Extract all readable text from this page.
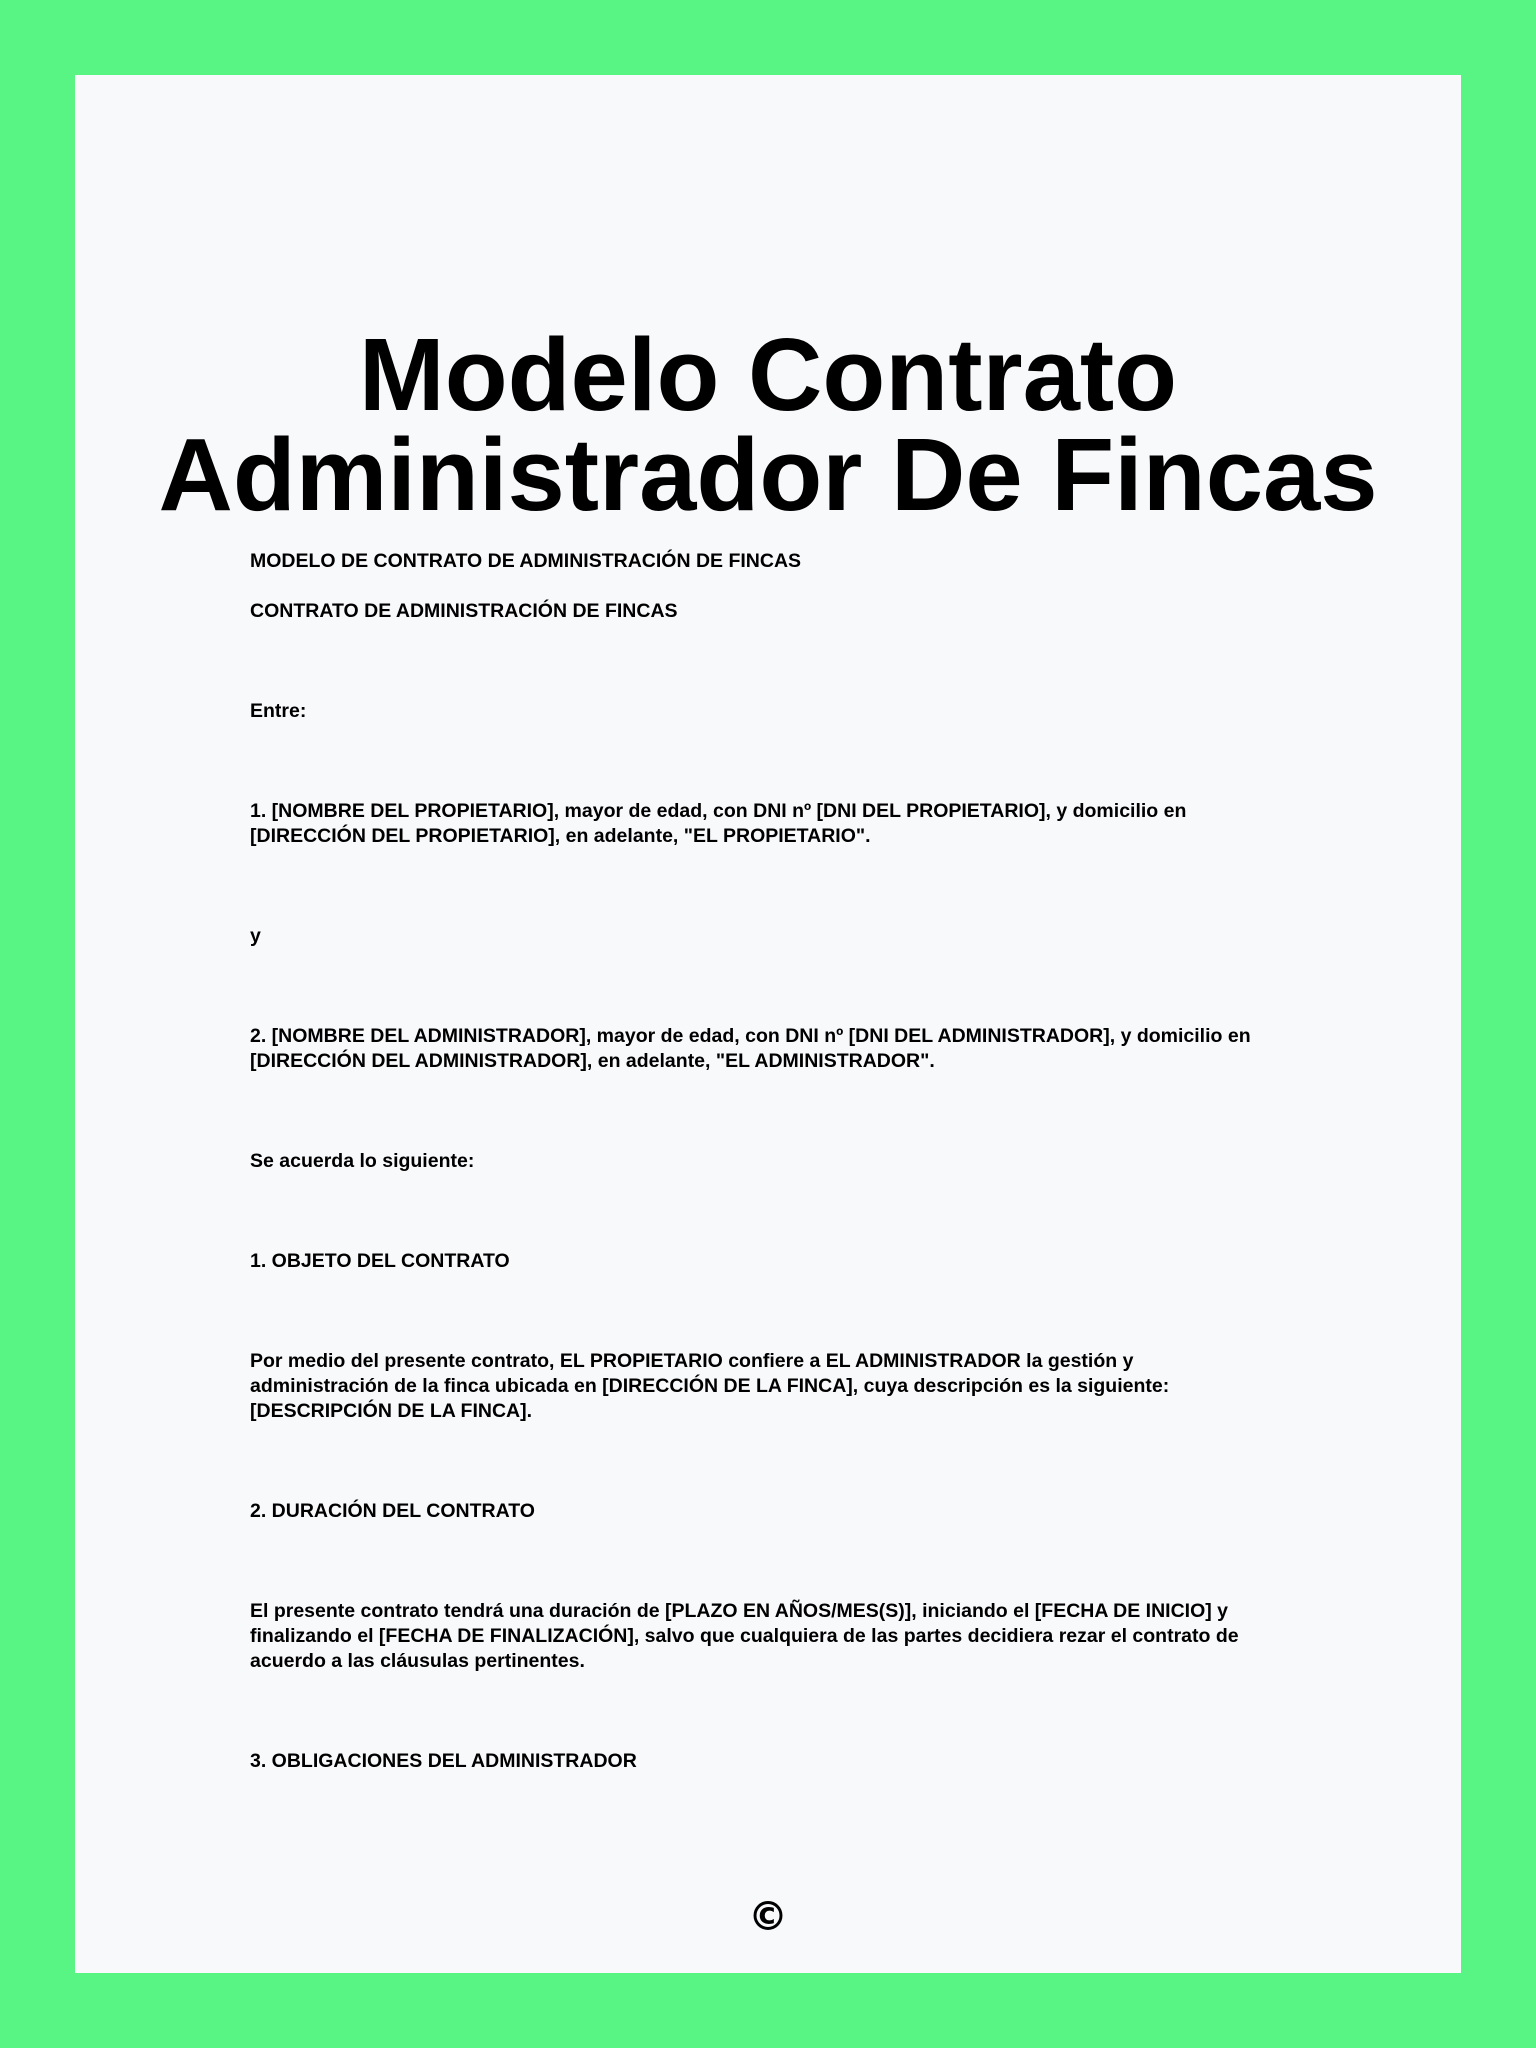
Modelo Contrato
Administrador De Fincas

MODELO DE CONTRATO DE ADMINISTRACIÓN DE FINCAS

CONTRATO DE ADMINISTRACIÓN DE FINCAS

Entre:

1. [NOMBRE DEL PROPIETARIO], mayor de edad, con DNI nº [DNI DEL PROPIETARIO], y domicilio en
[DIRECCIÓN DEL PROPIETARIO], en adelante, "EL PROPIETARIO".

y

2. [NOMBRE DEL ADMINISTRADOR], mayor de edad, con DNI nº [DNI DEL ADMINISTRADOR], y domicilio en
[DIRECCIÓN DEL ADMINISTRADOR], en adelante, "EL ADMINISTRADOR".

Se acuerda lo siguiente:

1. OBJETO DEL CONTRATO

Por medio del presente contrato, EL PROPIETARIO confiere a EL ADMINISTRADOR la gestión y
administración de la finca ubicada en [DIRECCIÓN DE LA FINCA], cuya descripción es la siguiente:
[DESCRIPCIÓN DE LA FINCA].

2. DURACIÓN DEL CONTRATO

El presente contrato tendrá una duración de [PLAZO EN AÑOS/MES(S)], iniciando el [FECHA DE INICIO] y
finalizando el [FECHA DE FINALIZACIÓN], salvo que cualquiera de las partes decidiera rezar el contrato de
acuerdo a las cláusulas pertinentes.

3. OBLIGACIONES DEL ADMINISTRADOR

©
